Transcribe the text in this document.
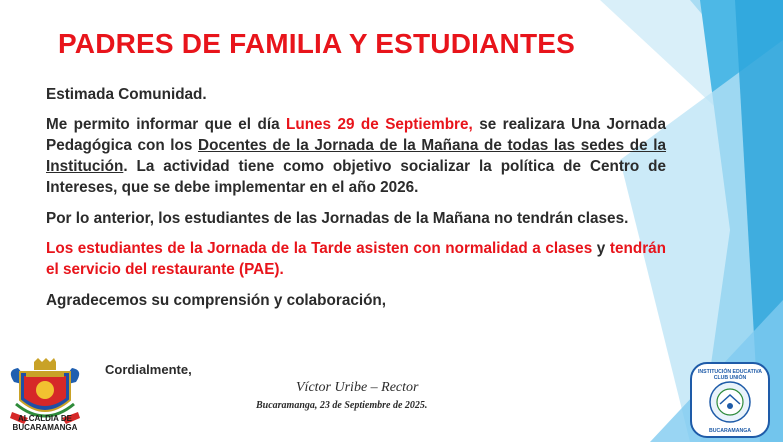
PADRES DE FAMILIA Y ESTUDIANTES

Estimada Comunidad.

Me permito informar que el día Lunes 29 de Septiembre, se realizara Una Jornada Pedagógica con los Docentes de la Jornada de la Mañana de todas las sedes de la Institución. La actividad tiene como objetivo socializar la política de Centro de Intereses, que se debe implementar en el año 2026.

Por lo anterior, los estudiantes de las Jornadas de la Mañana no tendrán clases.

Los estudiantes de la Jornada de la Tarde asisten con normalidad a clases y tendrán el servicio del restaurante (PAE).

Agradecemos su comprensión y colaboración,

Cordialmente,
Víctor Uribe – Rector
Bucaramanga, 23 de Septiembre de 2025.
ALCALDIA DE
BUCARAMANGA
INSTITUCIÓN EDUCATIVA
CLUB UNIÓN
BUCARAMANGA
